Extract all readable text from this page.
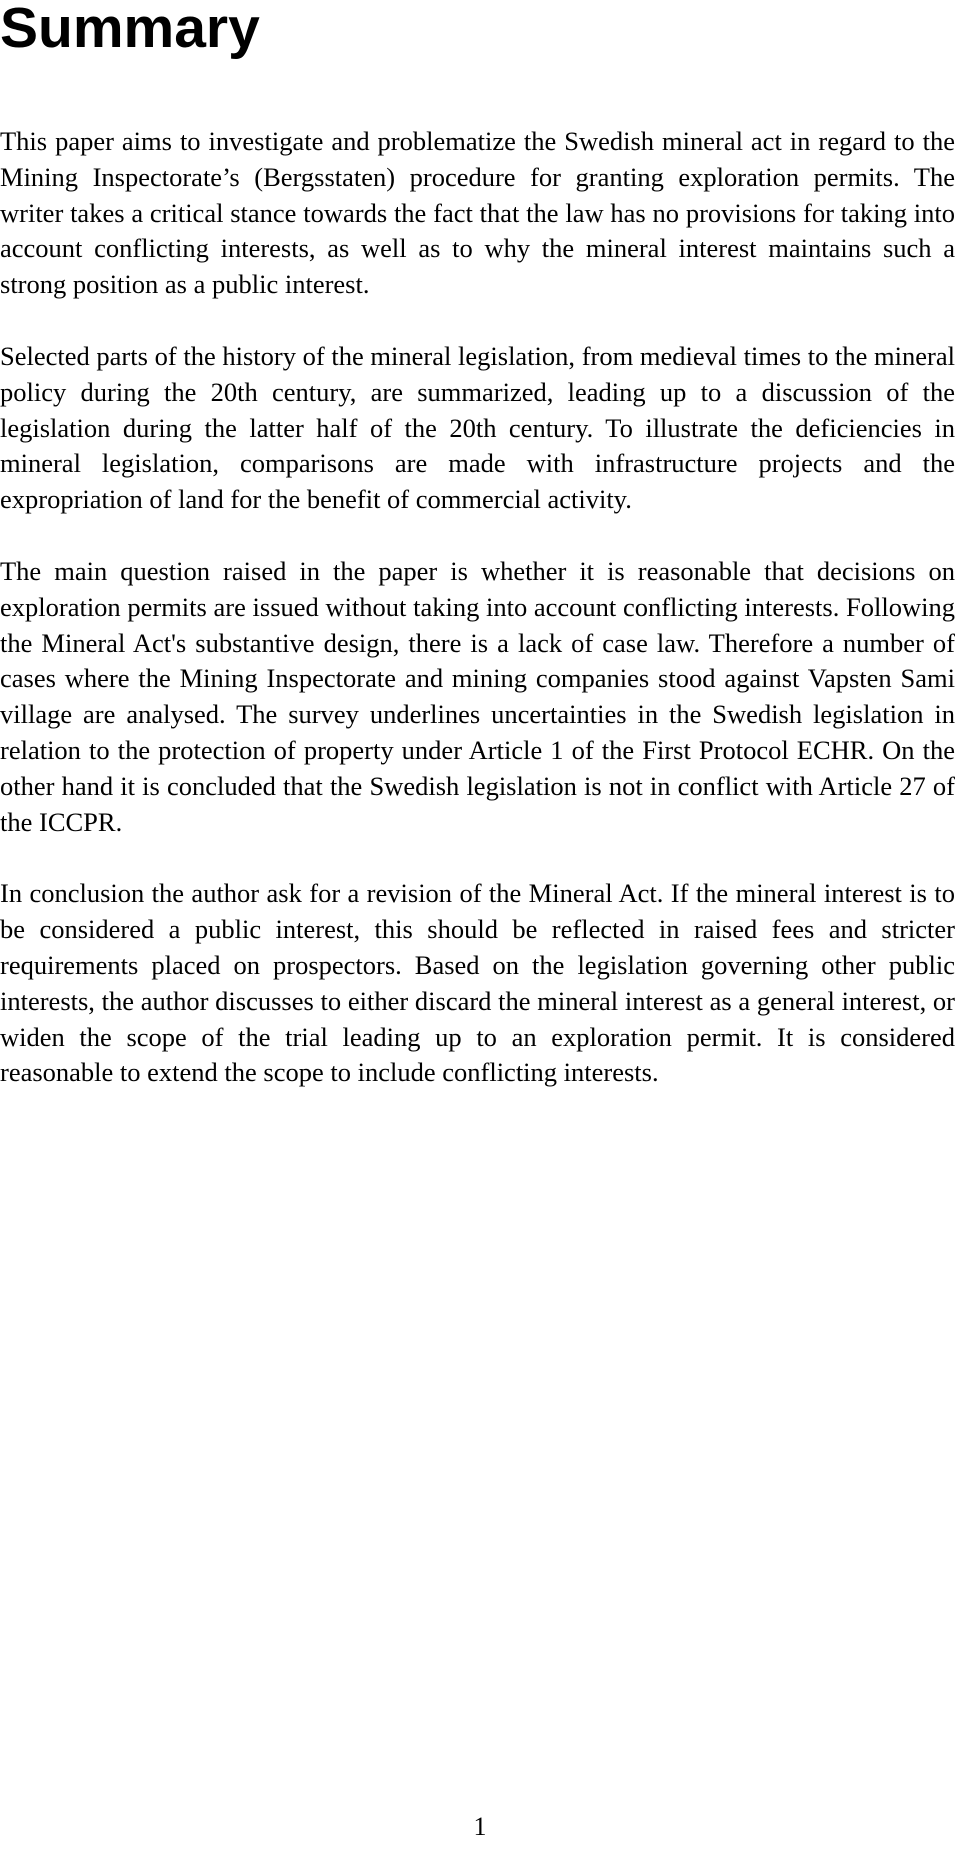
Summary

This paper aims to investigate and problematize the Swedish mineral act in regard to the Mining Inspectorate’s (Bergsstaten) procedure for granting exploration permits. The writer takes a critical stance towards the fact that the law has no provisions for taking into account conflicting interests, as well as to why the mineral interest maintains such a strong position as a public interest.

Selected parts of the history of the mineral legislation, from medieval times to the mineral policy during the 20th century, are summarized, leading up to a discussion of the legislation during the latter half of the 20th century. To illustrate the deficiencies in mineral legislation, comparisons are made with infrastructure projects and the expropriation of land for the benefit of commercial activity.

The main question raised in the paper is whether it is reasonable that decisions on exploration permits are issued without taking into account conflicting interests. Following the Mineral Act's substantive design, there is a lack of case law. Therefore a number of cases where the Mining Inspectorate and mining companies stood against Vapsten Sami village are analysed. The survey underlines uncertainties in the Swedish legislation in relation to the protection of property under Article 1 of the First Protocol ECHR. On the other hand it is concluded that the Swedish legislation is not in conflict with Article 27 of the ICCPR.

In conclusion the author ask for a revision of the Mineral Act. If the mineral interest is to be considered a public interest, this should be reflected in raised fees and stricter requirements placed on prospectors. Based on the legislation governing other public interests, the author discusses to either discard the mineral interest as a general interest, or widen the scope of the trial leading up to an exploration permit. It is considered reasonable to extend the scope to include conflicting interests.

1
